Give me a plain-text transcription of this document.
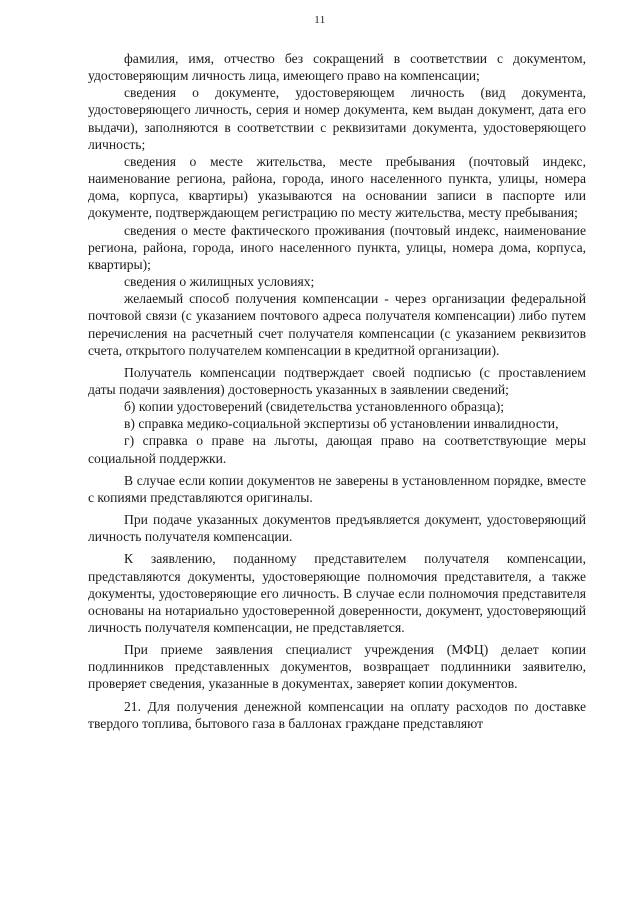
11

фамилия, имя, отчество без сокращений в соответствии с документом, удостоверяющим личность лица, имеющего право на компенсации;

сведения о документе, удостоверяющем личность (вид документа, удостоверяющего личность, серия и номер документа, кем выдан документ, дата его выдачи), заполняются в соответствии с реквизитами документа, удостоверяющего личность;

сведения о месте жительства, месте пребывания (почтовый индекс, наименование региона, района, города, иного населенного пункта, улицы, номера дома, корпуса, квартиры) указываются на основании записи в паспорте или документе, подтверждающем регистрацию по месту жительства, месту пребывания;

сведения о месте фактического проживания (почтовый индекс, наименование региона, района, города, иного населенного пункта, улицы, номера дома, корпуса, квартиры);

сведения о жилищных условиях;

желаемый способ получения компенсации - через организации федеральной почтовой связи (с указанием почтового адреса получателя компенсации) либо путем перечисления на расчетный счет получателя компенсации (с указанием реквизитов счета, открытого получателем компенсации в кредитной организации).

Получатель компенсации подтверждает своей подписью (с проставлением даты подачи заявления) достоверность указанных в заявлении сведений;

б) копии удостоверений (свидетельства установленного образца);

в) справка медико-социальной экспертизы об установлении инвалидности,

г) справка о праве на льготы, дающая право на соответствующие меры социальной поддержки.

В случае если копии документов не заверены в установленном порядке, вместе с копиями представляются оригиналы.

При подаче указанных документов предъявляется документ, удостоверяющий личность получателя компенсации.

К заявлению, поданному представителем получателя компенсации, представляются документы, удостоверяющие полномочия представителя, а также документы, удостоверяющие его личность. В случае если полномочия представителя основаны на нотариально удостоверенной доверенности, документ, удостоверяющий личность получателя компенсации, не представляется.

При приеме заявления специалист учреждения (МФЦ) делает копии подлинников представленных документов, возвращает подлинники заявителю, проверяет сведения, указанные в документах, заверяет копии документов.

21. Для получения денежной компенсации на оплату расходов по доставке твердого топлива, бытового газа в баллонах граждане представляют
